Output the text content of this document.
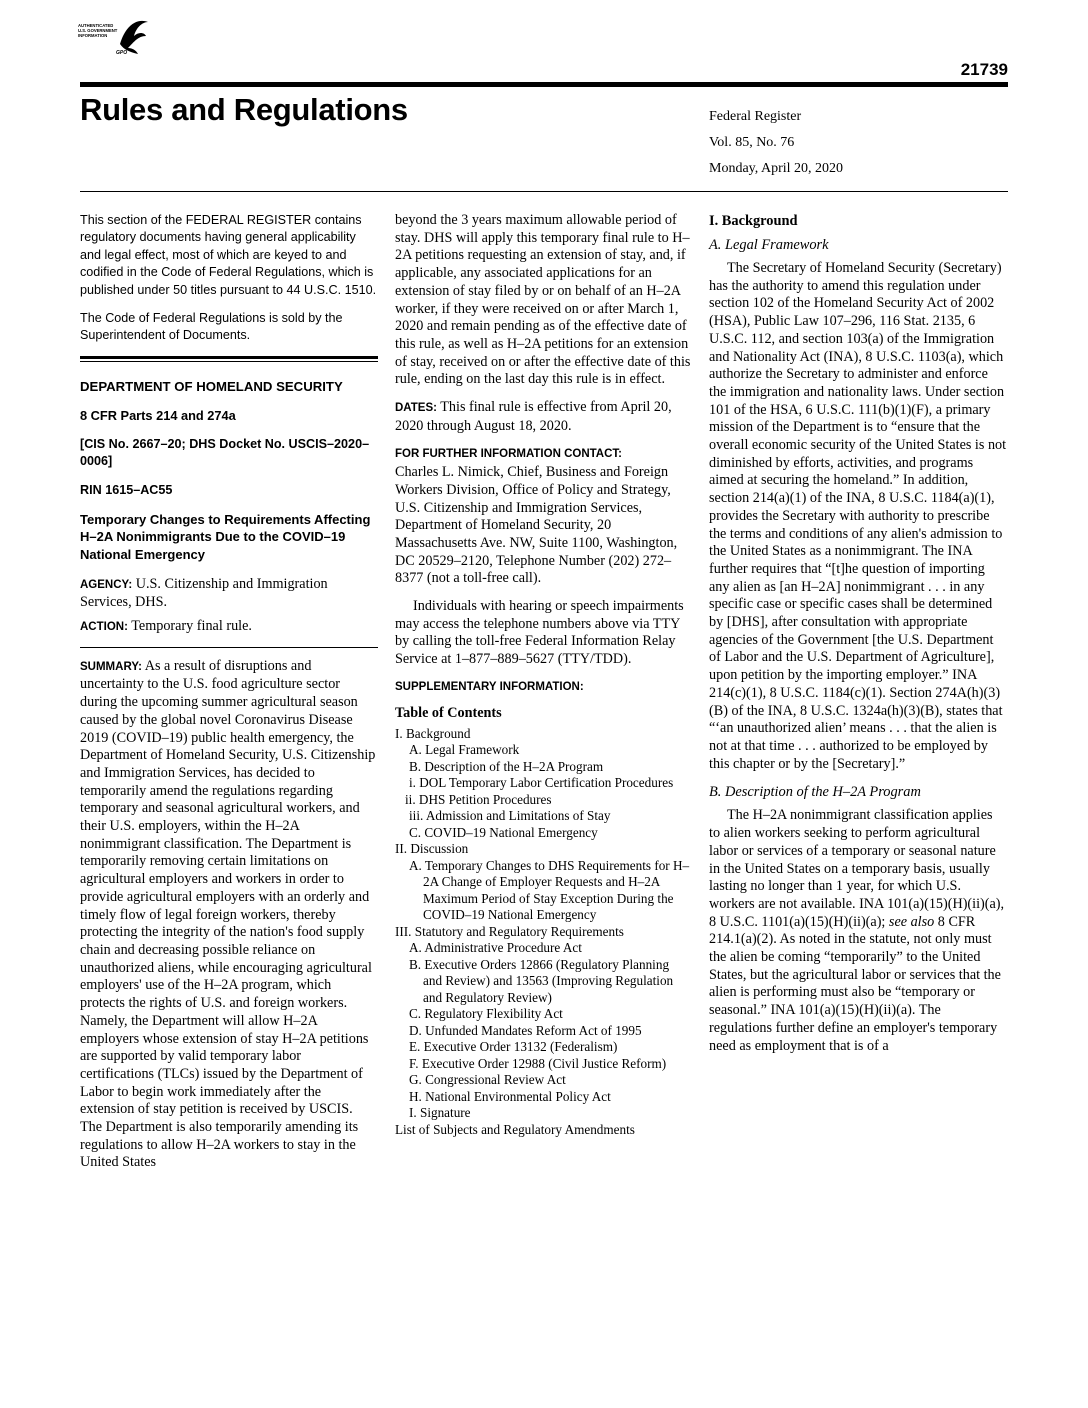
AUTHENTICATED
U.S. GOVERNMENT
INFORMATION
GPO
21739
Rules and Regulations	Federal Register
Vol. 85, No. 76
Monday, April 20, 2020

This section of the FEDERAL REGISTER contains regulatory documents having general applicability and legal effect, most of which are keyed to and codified in the Code of Federal Regulations, which is published under 50 titles pursuant to 44 U.S.C. 1510.

The Code of Federal Regulations is sold by the Superintendent of Documents.

DEPARTMENT OF HOMELAND SECURITY
8 CFR Parts 214 and 274a
[CIS No. 2667–20; DHS Docket No. USCIS–2020–0006]
RIN 1615–AC55
Temporary Changes to Requirements Affecting H–2A Nonimmigrants Due to the COVID–19 National Emergency

AGENCY: U.S. Citizenship and Immigration Services, DHS.

ACTION: Temporary final rule.

SUMMARY: As a result of disruptions and uncertainty to the U.S. food agriculture sector during the upcoming summer agricultural season caused by the global novel Coronavirus Disease 2019 (COVID–19) public health emergency, the Department of Homeland Security, U.S. Citizenship and Immigration Services, has decided to temporarily amend the regulations regarding temporary and seasonal agricultural workers, and their U.S. employers, within the H–2A nonimmigrant classification. The Department is temporarily removing certain limitations on agricultural employers and workers in order to provide agricultural employers with an orderly and timely flow of legal foreign workers, thereby protecting the integrity of the nation's food supply chain and decreasing possible reliance on unauthorized aliens, while encouraging agricultural employers' use of the H–2A program, which protects the rights of U.S. and foreign workers. Namely, the Department will allow H–2A employers whose extension of stay H–2A petitions are supported by valid temporary labor certifications (TLCs) issued by the Department of Labor to begin work immediately after the extension of stay petition is received by USCIS. The Department is also temporarily amending its regulations to allow H–2A workers to stay in the United States

beyond the 3 years maximum allowable period of stay. DHS will apply this temporary final rule to H–2A petitions requesting an extension of stay, and, if applicable, any associated applications for an extension of stay filed by or on behalf of an H–2A worker, if they were received on or after March 1, 2020 and remain pending as of the effective date of this rule, as well as H–2A petitions for an extension of stay, received on or after the effective date of this rule, ending on the last day this rule is in effect.

DATES: This final rule is effective from April 20, 2020 through August 18, 2020.

FOR FURTHER INFORMATION CONTACT:
Charles L. Nimick, Chief, Business and Foreign Workers Division, Office of Policy and Strategy, U.S. Citizenship and Immigration Services, Department of Homeland Security, 20 Massachusetts Ave. NW, Suite 1100, Washington, DC 20529–2120, Telephone Number (202) 272–8377 (not a toll-free call).

Individuals with hearing or speech impairments may access the telephone numbers above via TTY by calling the toll-free Federal Information Relay Service at 1–877–889–5627 (TTY/TDD).

SUPPLEMENTARY INFORMATION:
Table of Contents
I. Background
A. Legal Framework
B. Description of the H–2A Program
i. DOL Temporary Labor Certification Procedures
ii. DHS Petition Procedures
iii. Admission and Limitations of Stay
C. COVID–19 National Emergency
II. Discussion
A. Temporary Changes to DHS Requirements for H–2A Change of Employer Requests and H–2A Maximum Period of Stay Exception During the COVID–19 National Emergency
III. Statutory and Regulatory Requirements
A. Administrative Procedure Act
B. Executive Orders 12866 (Regulatory Planning and Review) and 13563 (Improving Regulation and Regulatory Review)
C. Regulatory Flexibility Act
D. Unfunded Mandates Reform Act of 1995
E. Executive Order 13132 (Federalism)
F. Executive Order 12988 (Civil Justice Reform)
G. Congressional Review Act
H. National Environmental Policy Act
I. Signature
List of Subjects and Regulatory Amendments
I. Background
A. Legal Framework

The Secretary of Homeland Security (Secretary) has the authority to amend this regulation under section 102 of the Homeland Security Act of 2002 (HSA), Public Law 107–296, 116 Stat. 2135, 6 U.S.C. 112, and section 103(a) of the Immigration and Nationality Act (INA), 8 U.S.C. 1103(a), which authorize the Secretary to administer and enforce the immigration and nationality laws. Under section 101 of the HSA, 6 U.S.C. 111(b)(1)(F), a primary mission of the Department is to “ensure that the overall economic security of the United States is not diminished by efforts, activities, and programs aimed at securing the homeland.” In addition, section 214(a)(1) of the INA, 8 U.S.C. 1184(a)(1), provides the Secretary with authority to prescribe the terms and conditions of any alien's admission to the United States as a nonimmigrant. The INA further requires that “[t]he question of importing any alien as [an H–2A] nonimmigrant . . . in any specific case or specific cases shall be determined by [DHS], after consultation with appropriate agencies of the Government [the U.S. Department of Labor and the U.S. Department of Agriculture], upon petition by the importing employer.” INA 214(c)(1), 8 U.S.C. 1184(c)(1). Section 274A(h)(3)(B) of the INA, 8 U.S.C. 1324a(h)(3)(B), states that “‘an unauthorized alien’ means . . . that the alien is not at that time . . . authorized to be employed by this chapter or by the [Secretary].”

B. Description of the H–2A Program

The H–2A nonimmigrant classification applies to alien workers seeking to perform agricultural labor or services of a temporary or seasonal nature in the United States on a temporary basis, usually lasting no longer than 1 year, for which U.S. workers are not available. INA 101(a)(15)(H)(ii)(a), 8 U.S.C. 1101(a)(15)(H)(ii)(a); see also 8 CFR 214.1(a)(2). As noted in the statute, not only must the alien be coming “temporarily” to the United States, but the agricultural labor or services that the alien is performing must also be “temporary or seasonal.” INA 101(a)(15)(H)(ii)(a). The regulations further define an employer's temporary need as employment that is of a
